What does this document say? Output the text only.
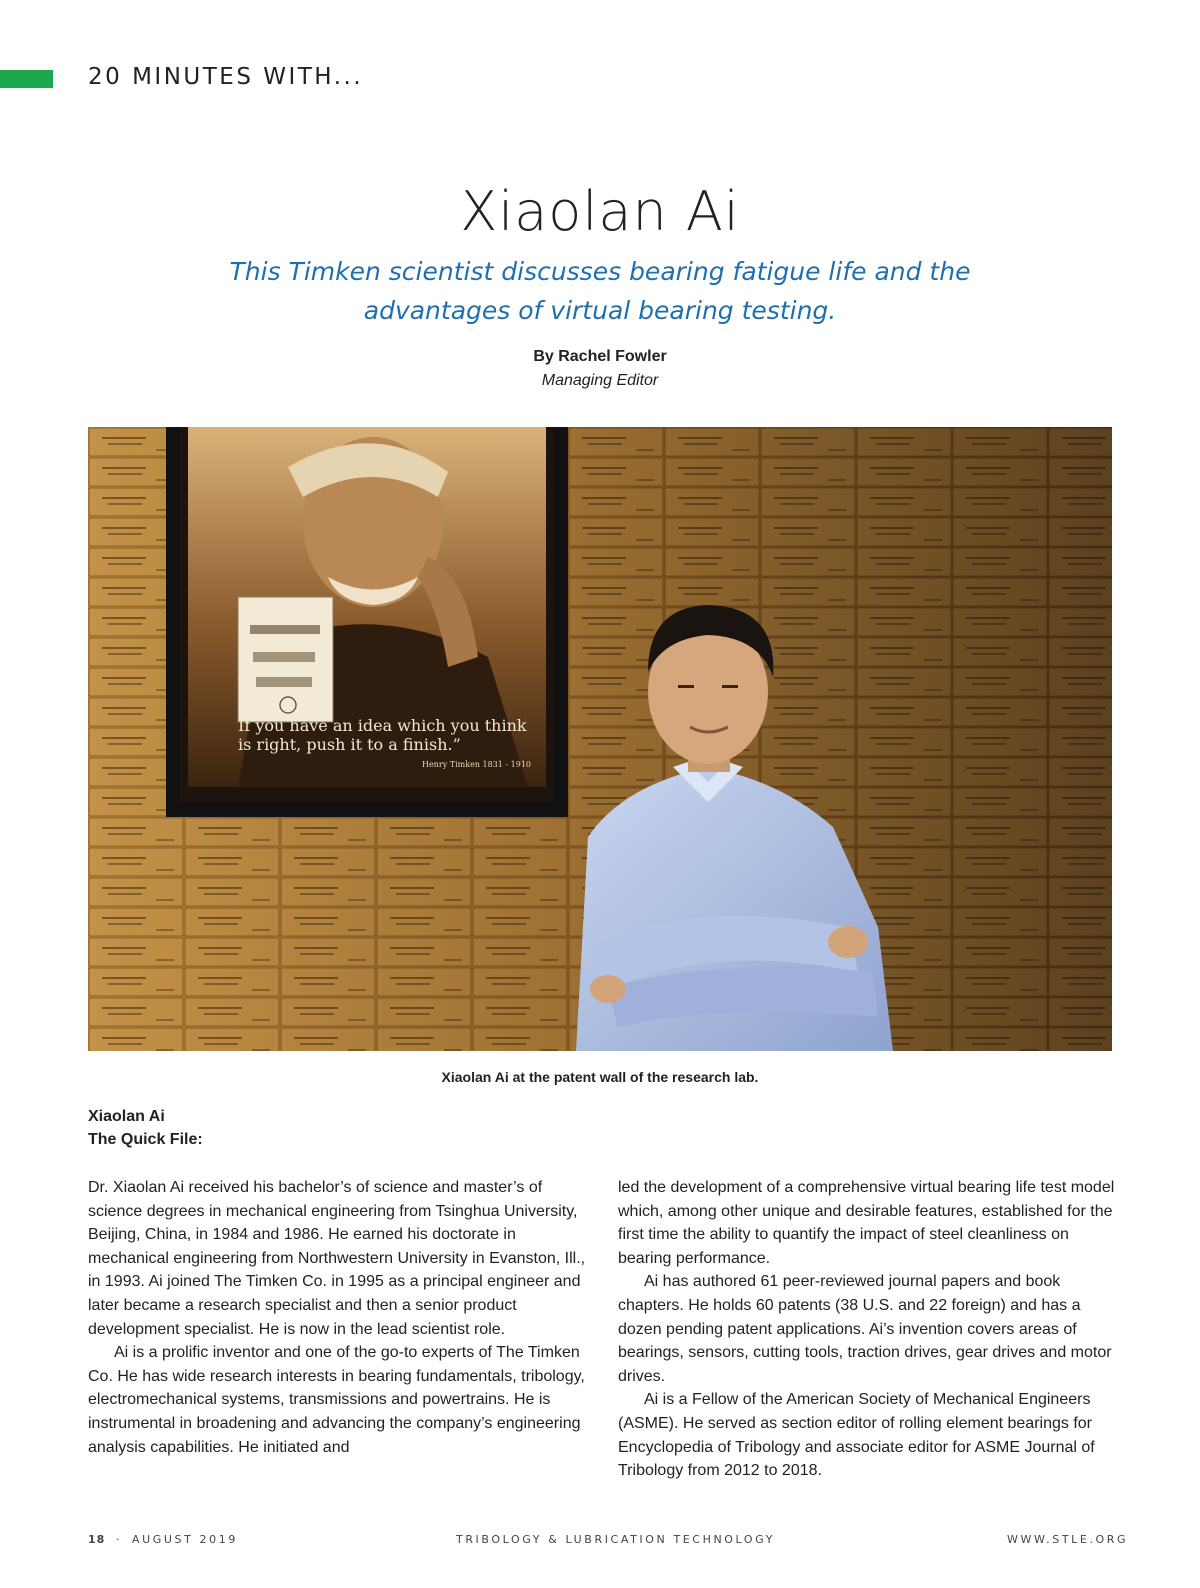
20 MINUTES WITH...
Xiaolan Ai
This Timken scientist discusses bearing fatigue life and the advantages of virtual bearing testing.
By Rachel Fowler
Managing Editor
If you have an idea which you think
is right, push it to a finish.”
Henry Timken 1831 - 1910
Xiaolan Ai at the patent wall of the research lab.
Xiaolan Ai
The Quick File:

Dr. Xiaolan Ai received his bachelor’s of science and master’s of science degrees in mechanical engineering from Tsinghua University, Beijing, China, in 1984 and 1986. He earned his doctorate in mechanical engineering from Northwestern University in Evanston, Ill., in 1993. Ai joined The Timken Co. in 1995 as a principal engineer and later became a research specialist and then a senior product development specialist. He is now in the lead scientist role.

Ai is a prolific inventor and one of the go-to experts of The Timken Co. He has wide research interests in bearing fundamentals, tribology, electromechanical systems, transmissions and powertrains. He is instrumental in broadening and advancing the company’s engineering analysis capabilities. He initiated and

led the development of a comprehensive virtual bearing life test model which, among other unique and desirable features, established for the first time the ability to quantify the impact of steel cleanliness on bearing performance.

Ai has authored 61 peer-reviewed journal papers and book chapters. He holds 60 patents (38 U.S. and 22 foreign) and has a dozen pending patent applications. Ai’s invention covers areas of bearings, sensors, cutting tools, traction drives, gear drives and motor drives.

Ai is a Fellow of the American Society of Mechanical Engineers (ASME). He served as section editor of rolling element bearings for Encyclopedia of Tribology and associate editor for ASME Journal of Tribology from 2012 to 2018.

18 · AUGUST 2019	TRIBOLOGY & LUBRICATION TECHNOLOGY	WWW.STLE.ORG
